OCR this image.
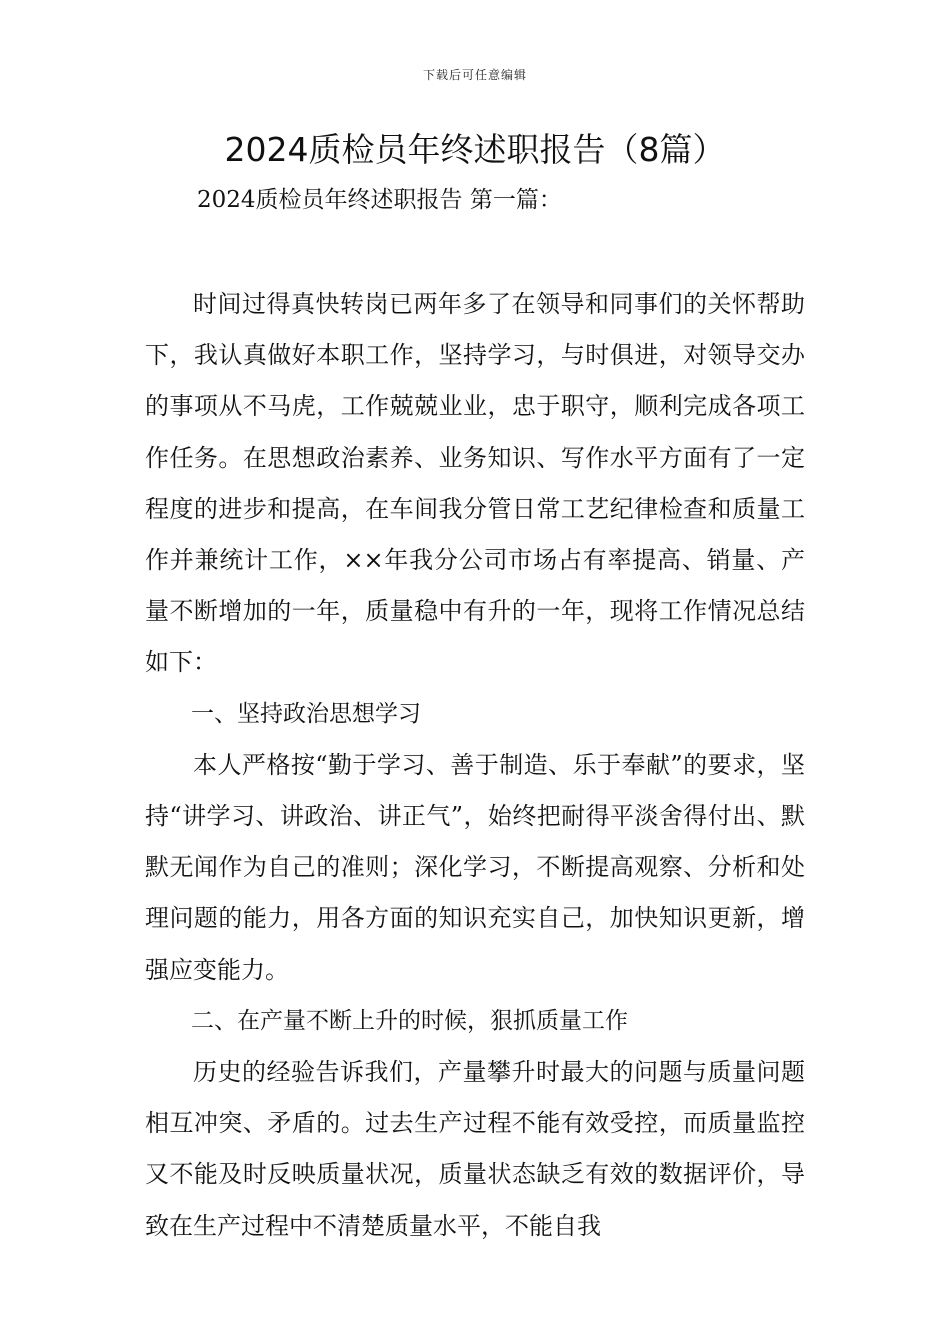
下载后可任意编辑
2024质检员年终述职报告（8篇）
2024质检员年终述职报告 第一篇：

时间过得真快转岗已两年多了在领导和同事们的关怀帮助下，我认真做好本职工作，坚持学习，与时俱进，对领导交办的事项从不马虎，工作兢兢业业，忠于职守，顺利完成各项工作任务。在思想政治素养、业务知识、写作水平方面有了一定程度的进步和提高，在车间我分管日常工艺纪律检查和质量工作并兼统计工作，××年我分公司市场占有率提高、销量、产量不断增加的一年，质量稳中有升的一年，现将工作情况总结如下：

一、坚持政治思想学习

本人严格按“勤于学习、善于制造、乐于奉献”的要求，坚持“讲学习、讲政治、讲正气”，始终把耐得平淡舍得付出、默默无闻作为自己的准则；深化学习，不断提高观察、分析和处理问题的能力，用各方面的知识充实自己，加快知识更新，增强应变能力。

二、在产量不断上升的时候，狠抓质量工作

历史的经验告诉我们，产量攀升时最大的问题与质量问题相互冲突、矛盾的。过去生产过程不能有效受控，而质量监控又不能及时反映质量状况，质量状态缺乏有效的数据评价，导致在生产过程中不清楚质量水平，不能自我
